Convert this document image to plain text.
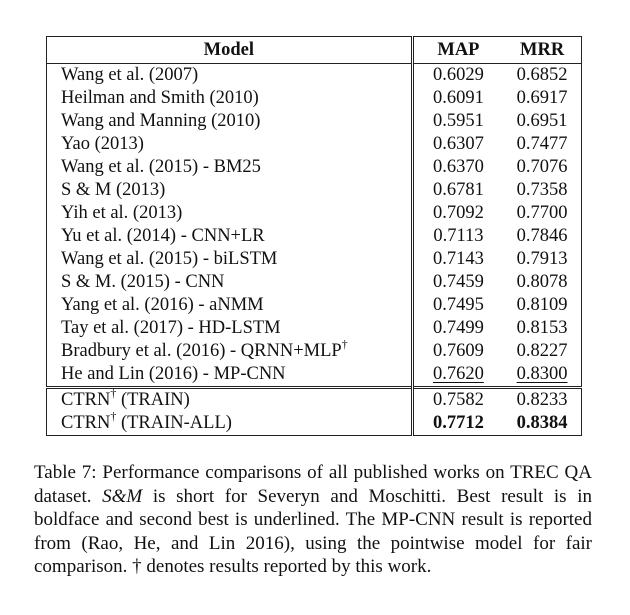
Model	MAP	MRR
Wang et al. (2007)	0.6029	0.6852
Heilman and Smith (2010)	0.6091	0.6917
Wang and Manning (2010)	0.5951	0.6951
Yao (2013)	0.6307	0.7477
Wang et al. (2015) - BM25	0.6370	0.7076
S & M (2013)	0.6781	0.7358
Yih et al. (2013)	0.7092	0.7700
Yu et al. (2014) - CNN+LR	0.7113	0.7846
Wang et al. (2015) - biLSTM	0.7143	0.7913
S & M. (2015) - CNN	0.7459	0.8078
Yang et al. (2016) - aNMM	0.7495	0.8109
Tay et al. (2017) - HD-LSTM	0.7499	0.8153
Bradbury et al. (2016) - QRNN+MLP†	0.7609	0.8227
He and Lin (2016) - MP-CNN	0.7620	0.8300
CTRN† (TRAIN)	0.7582	0.8233
CTRN† (TRAIN-ALL)	0.7712	0.8384

Table 7: Performance comparisons of all published works on TREC QA dataset. S&M is short for Severyn and Moschitti. Best result is in boldface and second best is underlined. The MP-CNN result is reported from (Rao, He, and Lin 2016), using the pointwise model for fair comparison. † denotes results reported by this work.
